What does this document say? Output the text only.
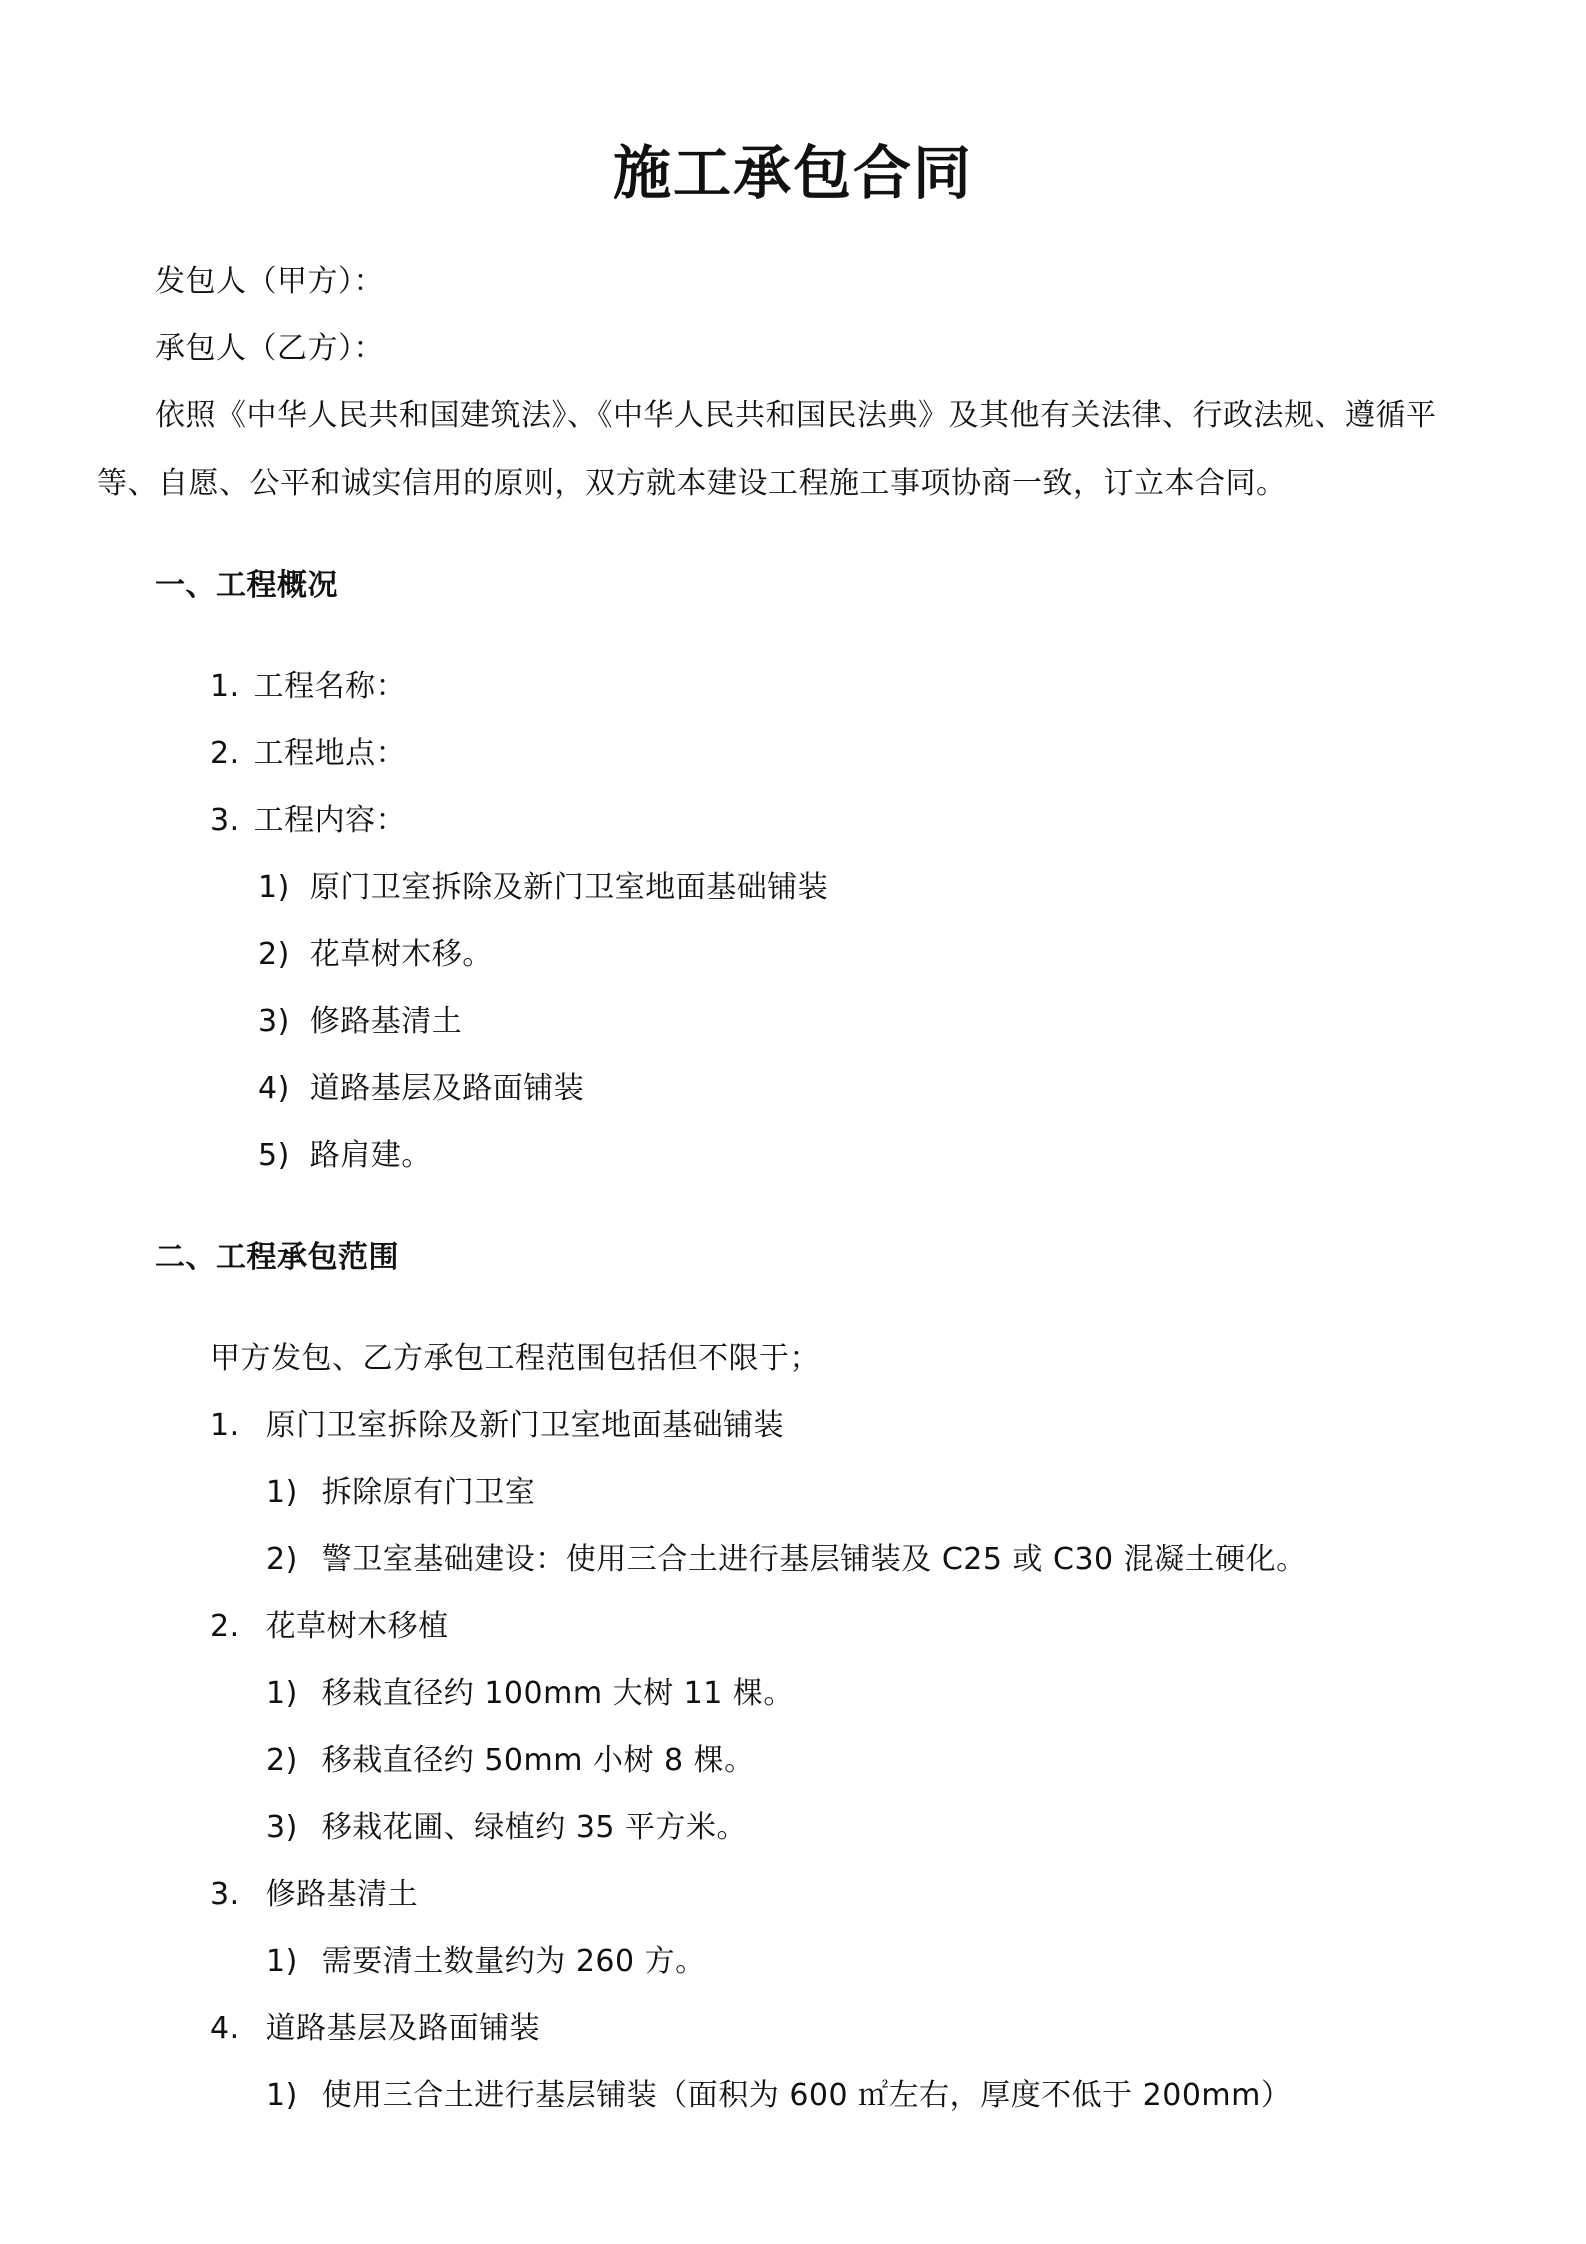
施工承包合同
发包人（甲方）：
承包人（乙方）：
依照《中华人民共和国建筑法》、《中华人民共和国民法典》及其他有关法律、行政法规、遵循平
等、自愿、公平和诚实信用的原则，双方就本建设工程施工事项协商一致，订立本合同。
一、工程概况
1. 工程名称：
2. 工程地点：
3. 工程内容：
1) 原门卫室拆除及新门卫室地面基础铺装
2) 花草树木移。
3) 修路基清土
4) 道路基层及路面铺装
5) 路肩建。
二、工程承包范围
甲方发包、乙方承包工程范围包括但不限于；
1. 原门卫室拆除及新门卫室地面基础铺装
1) 拆除原有门卫室
2) 警卫室基础建设：使用三合土进行基层铺装及 C25 或 C30 混凝土硬化。
2. 花草树木移植
1) 移栽直径约 100mm 大树 11 棵。
2) 移栽直径约 50mm 小树 8 棵。
3) 移栽花圃、绿植约 35 平方米。
3. 修路基清土
1) 需要清土数量约为 260 方。
4. 道路基层及路面铺装
1) 使用三合土进行基层铺装（面积为 600 ㎡左右，厚度不低于 200mm）
